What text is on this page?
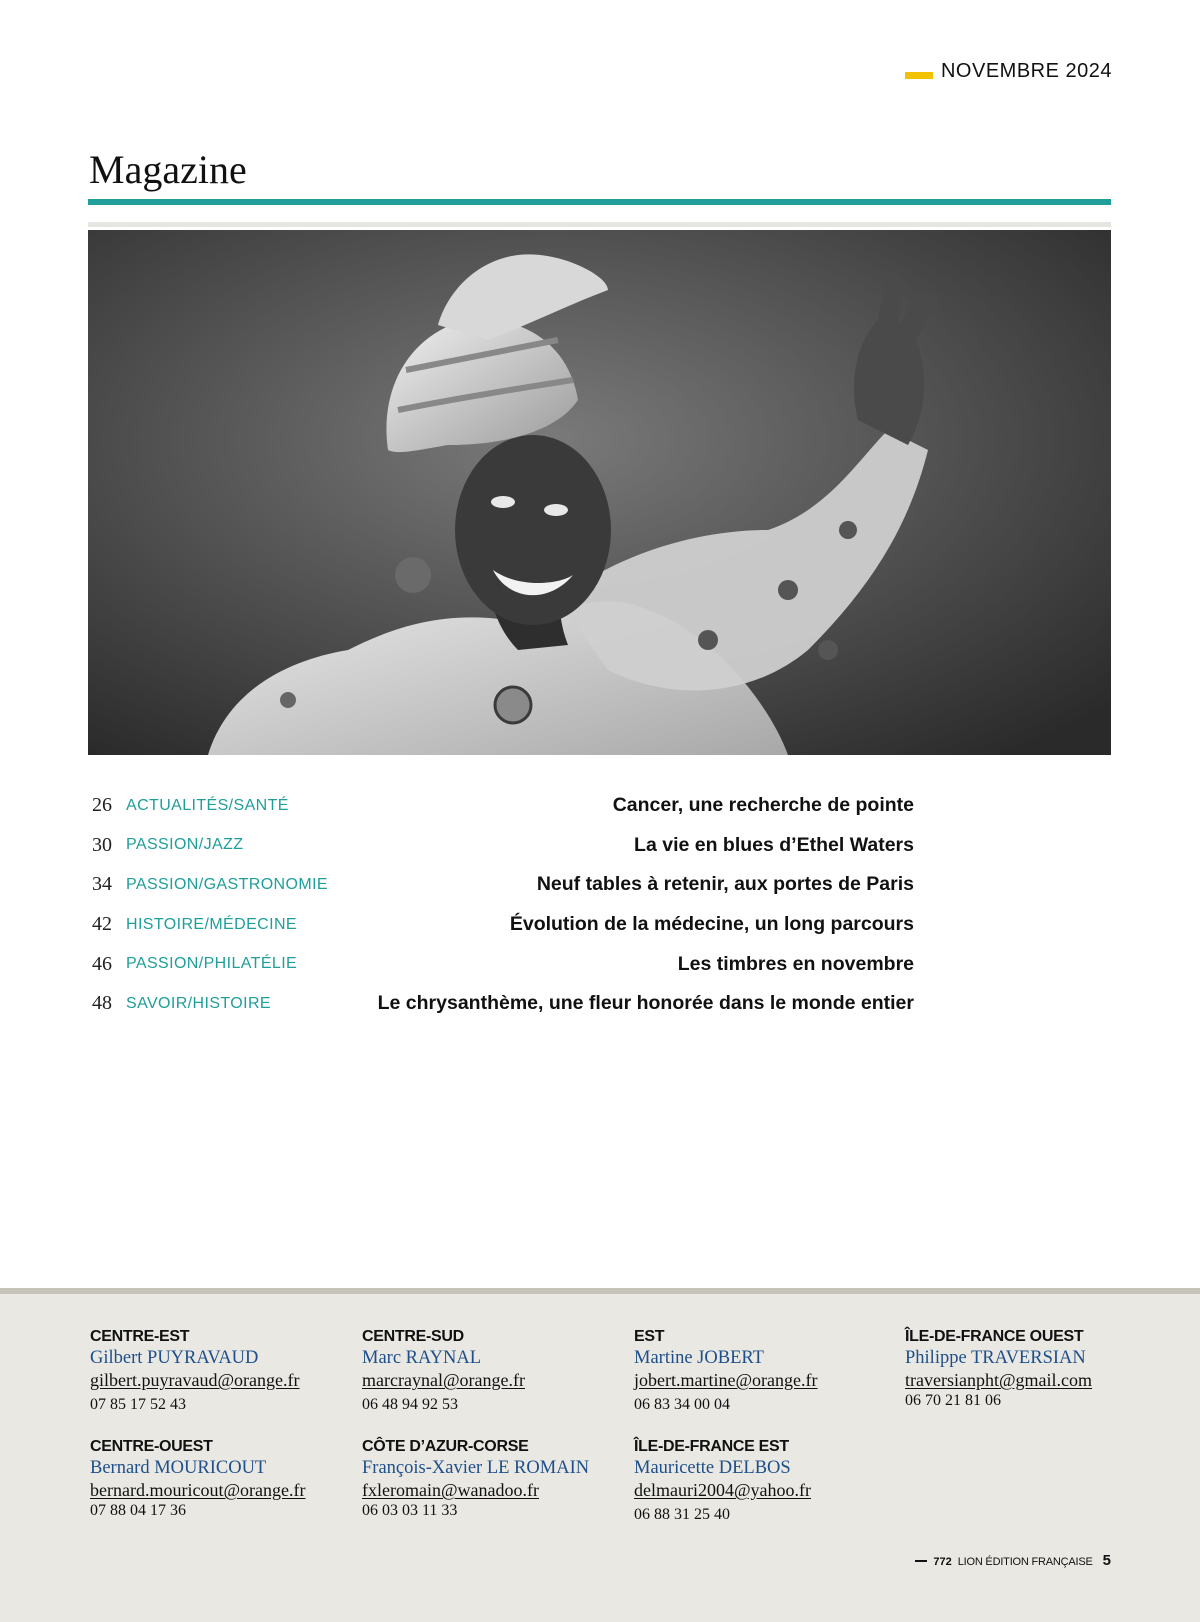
NOVEMBRE 2024
Magazine
26 ACTUALITÉS/SANTÉ	Cancer, une recherche de pointe
30 PASSION/JAZZ	La vie en blues d’Ethel Waters
34 PASSION/GASTRONOMIE	Neuf tables à retenir, aux portes de Paris
42 HISTOIRE/MÉDECINE	Évolution de la médecine, un long parcours
46 PASSION/PHILATÉLIE	Les timbres en novembre
48 SAVOIR/HISTOIRE	Le chrysanthème, une fleur honorée dans le monde entier
CENTRE-EST
Gilbert PUYRAVAUD
gilbert.puyravaud@orange.fr
07 85 17 52 43
CENTRE-SUD
Marc RAYNAL
marcraynal@orange.fr
06 48 94 92 53
EST
Martine JOBERT
jobert.martine@orange.fr
06 83 34 00 04
ÎLE-DE-FRANCE OUEST
Philippe TRAVERSIAN
traversianpht@gmail.com
06 70 21 81 06
CENTRE-OUEST
Bernard MOURICOUT
bernard.mouricout@orange.fr
07 88 04 17 36
CÔTE D’AZUR-CORSE
François-Xavier LE ROMAIN
fxleromain@wanadoo.fr
06 03 03 11 33
ÎLE-DE-FRANCE EST
Mauricette DELBOS
delmauri2004@yahoo.fr
06 88 31 25 40
772 LION ÉDITION FRANÇAISE 5
